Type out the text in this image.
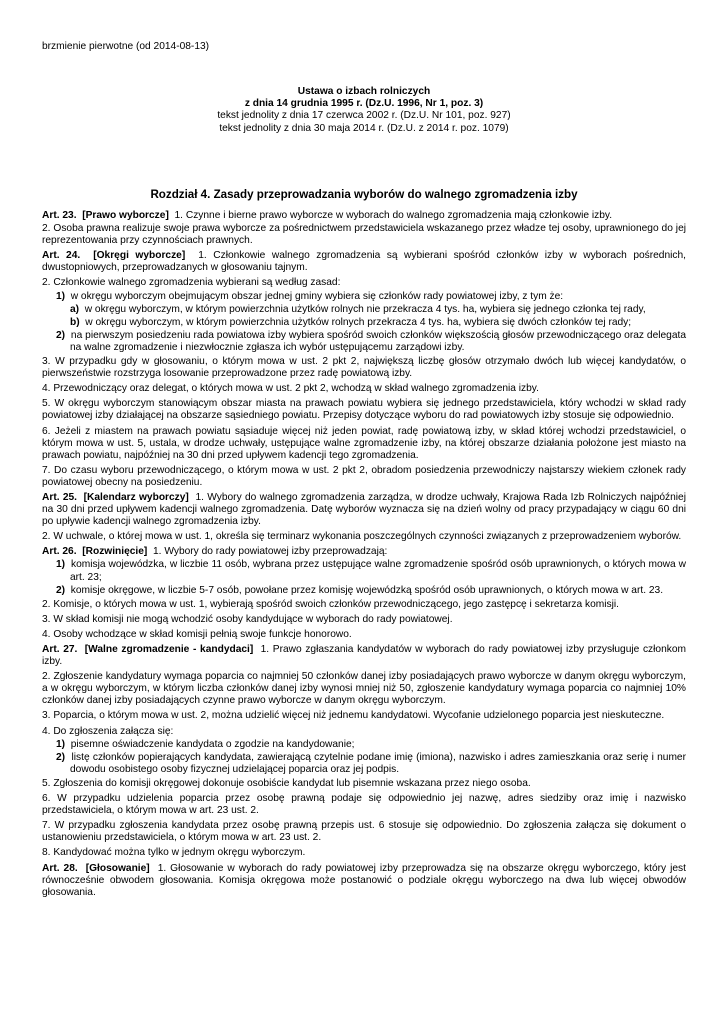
brzmienie pierwotne (od 2014-08-13)
Ustawa o izbach rolniczych
z dnia 14 grudnia 1995 r. (Dz.U. 1996, Nr 1, poz. 3)
tekst jednolity z dnia 17 czerwca 2002 r. (Dz.U. Nr 101, poz. 927)
tekst jednolity z dnia 30 maja 2014 r. (Dz.U. z 2014 r. poz. 1079)
Rozdział 4. Zasady przeprowadzania wyborów do walnego zgromadzenia izby
Art. 23. [Prawo wyborcze] 1. Czynne i bierne prawo wyborcze w wyborach do walnego zgromadzenia mają członkowie izby.
2. Osoba prawna realizuje swoje prawa wyborcze za pośrednictwem przedstawiciela wskazanego przez władze tej osoby, uprawnionego do jej reprezentowania przy czynnościach prawnych.
Art. 24. [Okręgi wyborcze] 1. Członkowie walnego zgromadzenia są wybierani spośród członków izby w wyborach pośrednich, dwustopniowych, przeprowadzanych w głosowaniu tajnym.
2. Członkowie walnego zgromadzenia wybierani są według zasad:
1) w okręgu wyborczym obejmującym obszar jednej gminy wybiera się członków rady powiatowej izby, z tym że:
a) w okręgu wyborczym, w którym powierzchnia użytków rolnych nie przekracza 4 tys. ha, wybiera się jednego członka tej rady,
b) w okręgu wyborczym, w którym powierzchnia użytków rolnych przekracza 4 tys. ha, wybiera się dwóch członków tej rady;
2) na pierwszym posiedzeniu rada powiatowa izby wybiera spośród swoich członków większością głosów przewodniczącego oraz delegata na walne zgromadzenie i niezwłocznie zgłasza ich wybór ustępującemu zarządowi izby.
3. W przypadku gdy w głosowaniu, o którym mowa w ust. 2 pkt 2, największą liczbę głosów otrzymało dwóch lub więcej kandydatów, o pierwszeństwie rozstrzyga losowanie przeprowadzone przez radę powiatową izby.
4. Przewodniczący oraz delegat, o których mowa w ust. 2 pkt 2, wchodzą w skład walnego zgromadzenia izby.
5. W okręgu wyborczym stanowiącym obszar miasta na prawach powiatu wybiera się jednego przedstawiciela, który wchodzi w skład rady powiatowej izby działającej na obszarze sąsiedniego powiatu. Przepisy dotyczące wyboru do rad powiatowych izby stosuje się odpowiednio.
6. Jeżeli z miastem na prawach powiatu sąsiaduje więcej niż jeden powiat, radę powiatową izby, w skład której wchodzi przedstawiciel, o którym mowa w ust. 5, ustala, w drodze uchwały, ustępujące walne zgromadzenie izby, na której obszarze działania położone jest miasto na prawach powiatu, najpóźniej na 30 dni przed upływem kadencji tego zgromadzenia.
7. Do czasu wyboru przewodniczącego, o którym mowa w ust. 2 pkt 2, obradom posiedzenia przewodniczy najstarszy wiekiem członek rady powiatowej obecny na posiedzeniu.
Art. 25. [Kalendarz wyborczy] 1. Wybory do walnego zgromadzenia zarządza, w drodze uchwały, Krajowa Rada Izb Rolniczych najpóźniej na 30 dni przed upływem kadencji walnego zgromadzenia. Datę wyborów wyznacza się na dzień wolny od pracy przypadający w ciągu 60 dni po upływie kadencji walnego zgromadzenia izby.
2. W uchwale, o której mowa w ust. 1, określa się terminarz wykonania poszczególnych czynności związanych z przeprowadzeniem wyborów.
Art. 26. [Rozwinięcie] 1. Wybory do rady powiatowej izby przeprowadzają:
1) komisja wojewódzka, w liczbie 11 osób, wybrana przez ustępujące walne zgromadzenie spośród osób uprawnionych, o których mowa w art. 23;
2) komisje okręgowe, w liczbie 5-7 osób, powołane przez komisję wojewódzką spośród osób uprawnionych, o których mowa w art. 23.
2. Komisje, o których mowa w ust. 1, wybierają spośród swoich członków przewodniczącego, jego zastępcę i sekretarza komisji.
3. W skład komisji nie mogą wchodzić osoby kandydujące w wyborach do rady powiatowej.
4. Osoby wchodzące w skład komisji pełnią swoje funkcje honorowo.
Art. 27. [Walne zgromadzenie - kandydaci] 1. Prawo zgłaszania kandydatów w wyborach do rady powiatowej izby przysługuje członkom izby.
2. Zgłoszenie kandydatury wymaga poparcia co najmniej 50 członków danej izby posiadających prawo wyborcze w danym okręgu wyborczym, a w okręgu wyborczym, w którym liczba członków danej izby wynosi mniej niż 50, zgłoszenie kandydatury wymaga poparcia co najmniej 10% członków danej izby posiadających czynne prawo wyborcze w danym okręgu wyborczym.
3. Poparcia, o którym mowa w ust. 2, można udzielić więcej niż jednemu kandydatowi. Wycofanie udzielonego poparcia jest nieskuteczne.
4. Do zgłoszenia załącza się:
1) pisemne oświadczenie kandydata o zgodzie na kandydowanie;
2) listę członków popierających kandydata, zawierającą czytelnie podane imię (imiona), nazwisko i adres zamieszkania oraz serię i numer dowodu osobistego osoby fizycznej udzielającej poparcia oraz jej podpis.
5. Zgłoszenia do komisji okręgowej dokonuje osobiście kandydat lub pisemnie wskazana przez niego osoba.
6. W przypadku udzielenia poparcia przez osobę prawną podaje się odpowiednio jej nazwę, adres siedziby oraz imię i nazwisko przedstawiciela, o którym mowa w art. 23 ust. 2.
7. W przypadku zgłoszenia kandydata przez osobę prawną przepis ust. 6 stosuje się odpowiednio. Do zgłoszenia załącza się dokument o ustanowieniu przedstawiciela, o którym mowa w art. 23 ust. 2.
8. Kandydować można tylko w jednym okręgu wyborczym.
Art. 28. [Głosowanie] 1. Głosowanie w wyborach do rady powiatowej izby przeprowadza się na obszarze okręgu wyborczego, który jest równocześnie obwodem głosowania. Komisja okręgowa może postanowić o podziale okręgu wyborczego na dwa lub więcej obwodów głosowania.
